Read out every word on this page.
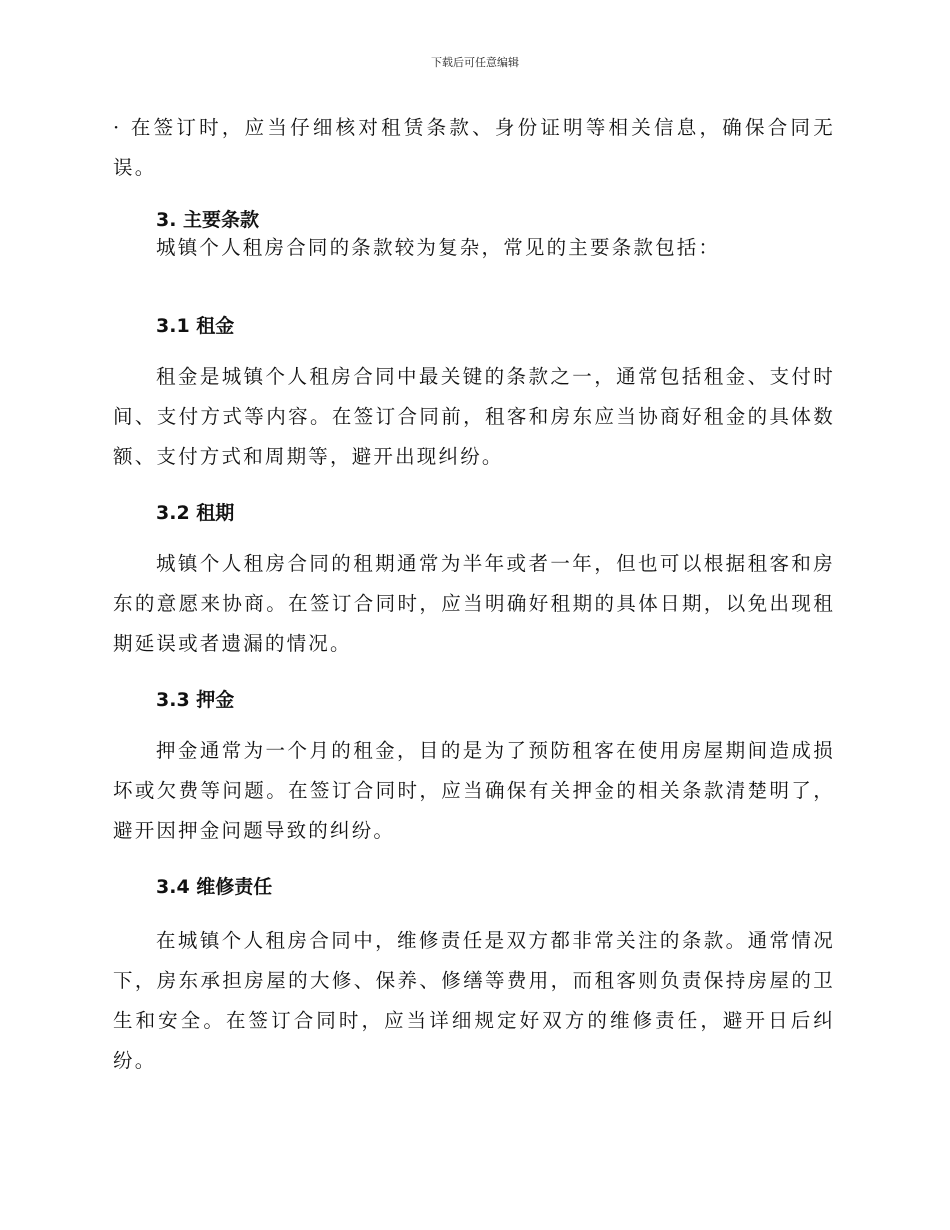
下载后可任意编辑

· 在签订时，应当仔细核对租赁条款、身份证明等相关信息，确保合同无误。

3. 主要条款

城镇个人租房合同的条款较为复杂，常见的主要条款包括：

3.1 租金

租金是城镇个人租房合同中最关键的条款之一，通常包括租金、支付时间、支付方式等内容。在签订合同前，租客和房东应当协商好租金的具体数额、支付方式和周期等，避开出现纠纷。

3.2 租期

城镇个人租房合同的租期通常为半年或者一年，但也可以根据租客和房东的意愿来协商。在签订合同时，应当明确好租期的具体日期，以免出现租期延误或者遗漏的情况。

3.3 押金

押金通常为一个月的租金，目的是为了预防租客在使用房屋期间造成损坏或欠费等问题。在签订合同时，应当确保有关押金的相关条款清楚明了，避开因押金问题导致的纠纷。

3.4 维修责任

在城镇个人租房合同中，维修责任是双方都非常关注的条款。通常情况下，房东承担房屋的大修、保养、修缮等费用，而租客则负责保持房屋的卫生和安全。在签订合同时，应当详细规定好双方的维修责任，避开日后纠纷。
